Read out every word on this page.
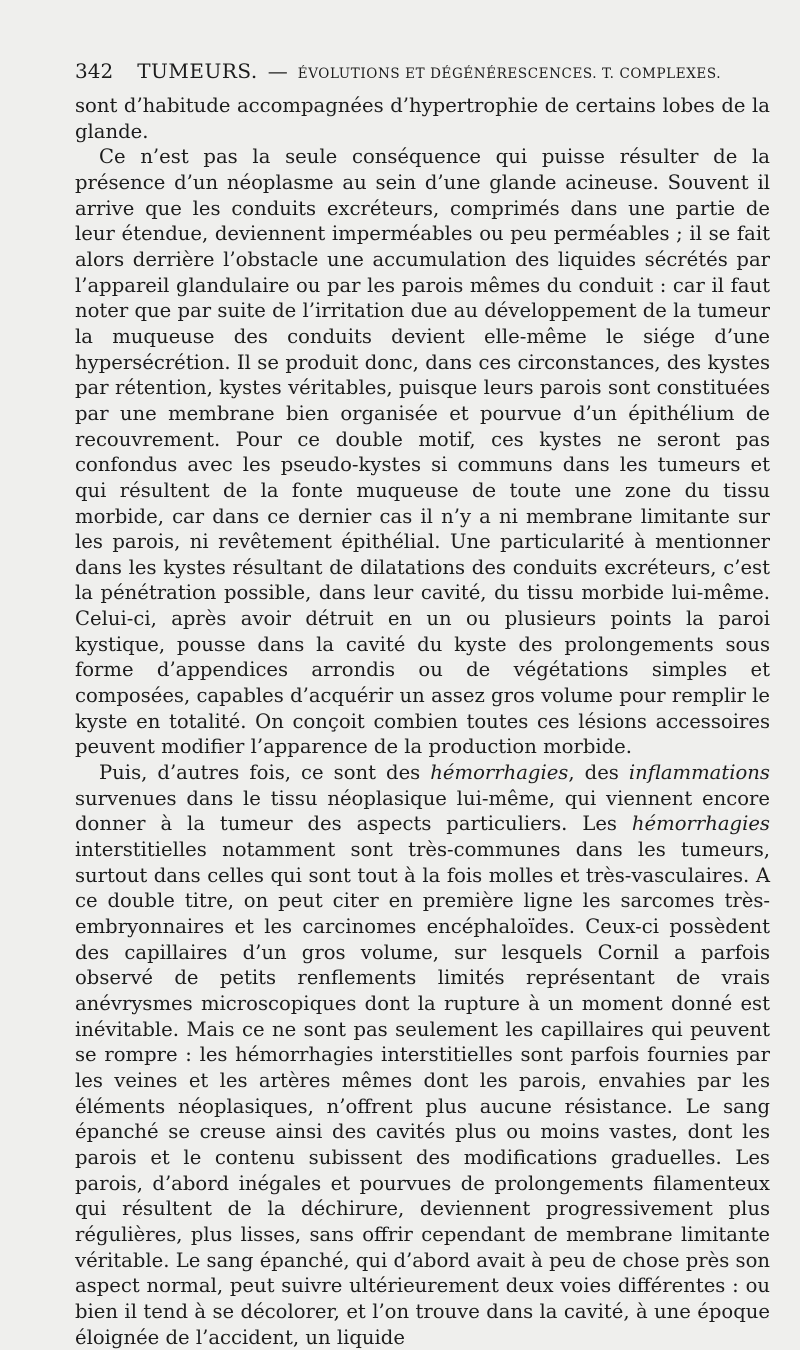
342 TUMEURS. — ÉVOLUTIONS ET DÉGÉNÉRESCENCES. T. COMPLEXES.

sont d’habitude accompagnées d’hypertrophie de certains lobes de la glande.

Ce n’est pas la seule conséquence qui puisse résulter de la présence d’un néoplasme au sein d’une glande acineuse. Souvent il arrive que les conduits excréteurs, comprimés dans une partie de leur étendue, deviennent imperméables ou peu perméables ; il se fait alors derrière l’obstacle une accumulation des liquides sécrétés par l’appareil glandulaire ou par les parois mêmes du conduit : car il faut noter que par suite de l’irritation due au développement de la tumeur la muqueuse des conduits devient elle-même le siége d’une hypersécrétion. Il se produit donc, dans ces circonstances, des kystes par rétention, kystes véritables, puisque leurs parois sont constituées par une membrane bien organisée et pourvue d’un épithélium de recouvrement. Pour ce double motif, ces kystes ne seront pas confondus avec les pseudo-kystes si communs dans les tumeurs et qui résultent de la fonte muqueuse de toute une zone du tissu morbide, car dans ce dernier cas il n’y a ni membrane limitante sur les parois, ni revêtement épithélial. Une particularité à mentionner dans les kystes résultant de dilatations des conduits excréteurs, c’est la pénétration possible, dans leur cavité, du tissu morbide lui-même. Celui-ci, après avoir détruit en un ou plusieurs points la paroi kystique, pousse dans la cavité du kyste des prolongements sous forme d’appendices arrondis ou de végétations simples et composées, capables d’acquérir un assez gros volume pour remplir le kyste en totalité. On conçoit combien toutes ces lésions accessoires peuvent modifier l’apparence de la production morbide.

Puis, d’autres fois, ce sont des hémorrhagies, des inflammations survenues dans le tissu néoplasique lui-même, qui viennent encore donner à la tumeur des aspects particuliers. Les hémorrhagies interstitielles notamment sont très-communes dans les tumeurs, surtout dans celles qui sont tout à la fois molles et très-vasculaires. A ce double titre, on peut citer en première ligne les sarcomes très-embryonnaires et les carcinomes encéphaloïdes. Ceux-ci possèdent des capillaires d’un gros volume, sur lesquels Cornil a parfois observé de petits renflements limités représentant de vrais anévrysmes microscopiques dont la rupture à un moment donné est inévitable. Mais ce ne sont pas seulement les capillaires qui peuvent se rompre : les hémorrhagies interstitielles sont parfois fournies par les veines et les artères mêmes dont les parois, envahies par les éléments néoplasiques, n’offrent plus aucune résistance. Le sang épanché se creuse ainsi des cavités plus ou moins vastes, dont les parois et le contenu subissent des modifications graduelles. Les parois, d’abord inégales et pourvues de prolongements filamenteux qui résultent de la déchirure, deviennent progressivement plus régulières, plus lisses, sans offrir cependant de membrane limitante véritable. Le sang épanché, qui d’abord avait à peu de chose près son aspect normal, peut suivre ultérieurement deux voies différentes : ou bien il tend à se décolorer, et l’on trouve dans la cavité, à une époque éloignée de l’accident, un liquide
